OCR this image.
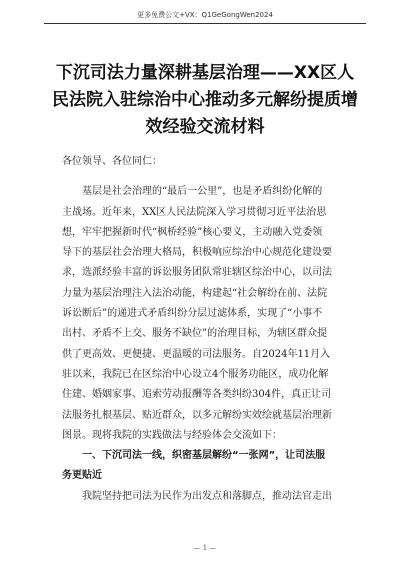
更多免费公文+VX：Q1GeGongWen2024
下沉司法力量深耕基层治理——XX区人
民法院入驻综治中心推动多元解纷提质增
效经验交流材料
各位领导、各位同仁：
基层是社会治理的“最后一公里”，也是矛盾纠纷化解的
主战场。近年来，XX区人民法院深入学习贯彻习近平法治思
想，牢牢把握新时代“枫桥经验”核心要义，主动融入党委领
导下的基层社会治理大格局，积极响应综治中心规范化建设要
求，选派经验丰富的诉讼服务团队常驻辖区综治中心，以司法
力量为基层治理注入法治动能，构建起“社会解纷在前、法院
诉讼断后”的递进式矛盾纠纷分层过滤体系，实现了“小事不
出村、矛盾不上交、服务不缺位”的治理目标，为辖区群众提
供了更高效、更便捷、更温暖的司法服务。自2024年11月入
驻以来，我院已在区综治中心设立4个服务功能区，成功化解
住建、婚姻家事、追索劳动报酬等各类纠纷304件，真正让司
法服务扎根基层、贴近群众，以多元解纷实效绘就基层治理新
图景。现将我院的实践做法与经验体会交流如下：
一、下沉司法一线，织密基层解纷“一张网”，让司法服
务更贴近
我院坚持把司法为民作为出发点和落脚点，推动法官走出
— 1 —
